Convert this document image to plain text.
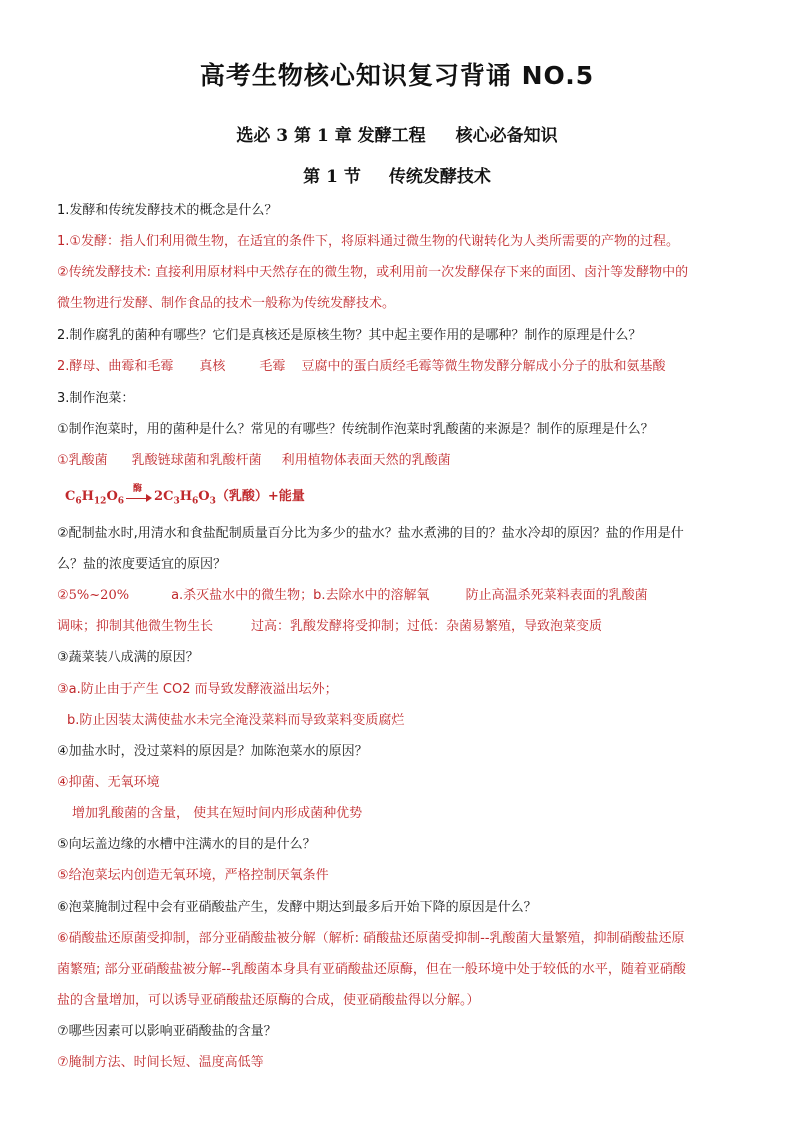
高考生物核心知识复习背诵 NO.5
选必 3 第 1 章 发酵工程 核心必备知识
第 1 节 传统发酵技术
1.发酵和传统发酵技术的概念是什么？
1.①发酵：指人们利用微生物，在适宜的条件下，将原料通过微生物的代谢转化为人类所需要的产物的过程。
②传统发酵技术: 直接利用原材料中天然存在的微生物，或利用前一次发酵保存下来的面团、卤汁等发酵物中的
微生物进行发酵、制作食品的技术一般称为传统发酵技术。
2.制作腐乳的菌种有哪些？它们是真核还是原核生物？其中起主要作用的是哪种？制作的原理是什么？
2.酵母、曲霉和毛霉 真核	毛霉 豆腐中的蛋白质经毛霉等微生物发酵分解成小分子的肽和氨基酸
3.制作泡菜：
①制作泡菜时，用的菌种是什么？常见的有哪些？传统制作泡菜时乳酸菌的来源是？制作的原理是什么？
①乳酸菌 乳酸链球菌和乳酸杆菌 利用植物体表面天然的乳酸菌
$C_6H_{12}O_6$
酶
$2C_3H_6O_3$（乳酸）+能量
②配制盐水时,用清水和食盐配制质量百分比为多少的盐水？盐水煮沸的目的？盐水冷却的原因？盐的作用是什
么？盐的浓度要适宜的原因？
②5%~20%	a.杀灭盐水中的微生物；b.去除水中的溶解氧	防止高温杀死菜料表面的乳酸菌
调味；抑制其他微生物生长	过高：乳酸发酵将受抑制；过低：杂菌易繁殖，导致泡菜变质
③蔬菜装八成满的原因？
③a.防止由于产生 CO2 而导致发酵液溢出坛外；
b.防止因装太满使盐水未完全淹没菜料而导致菜料变质腐烂
④加盐水时，没过菜料的原因是？加陈泡菜水的原因？
④抑菌、无氧环境
增加乳酸菌的含量， 使其在短时间内形成菌种优势
⑤向坛盖边缘的水槽中注满水的目的是什么？
⑤给泡菜坛内创造无氧环境，严格控制厌氧条件
⑥泡菜腌制过程中会有亚硝酸盐产生，发酵中期达到最多后开始下降的原因是什么？
⑥硝酸盐还原菌受抑制，部分亚硝酸盐被分解（解析: 硝酸盐还原菌受抑制--乳酸菌大量繁殖，抑制硝酸盐还原
菌繁殖; 部分亚硝酸盐被分解--乳酸菌本身具有亚硝酸盐还原酶，但在一般环境中处于较低的水平，随着亚硝酸
盐的含量增加，可以诱导亚硝酸盐还原酶的合成，使亚硝酸盐得以分解。）
⑦哪些因素可以影响亚硝酸盐的含量？
⑦腌制方法、时间长短、温度高低等
